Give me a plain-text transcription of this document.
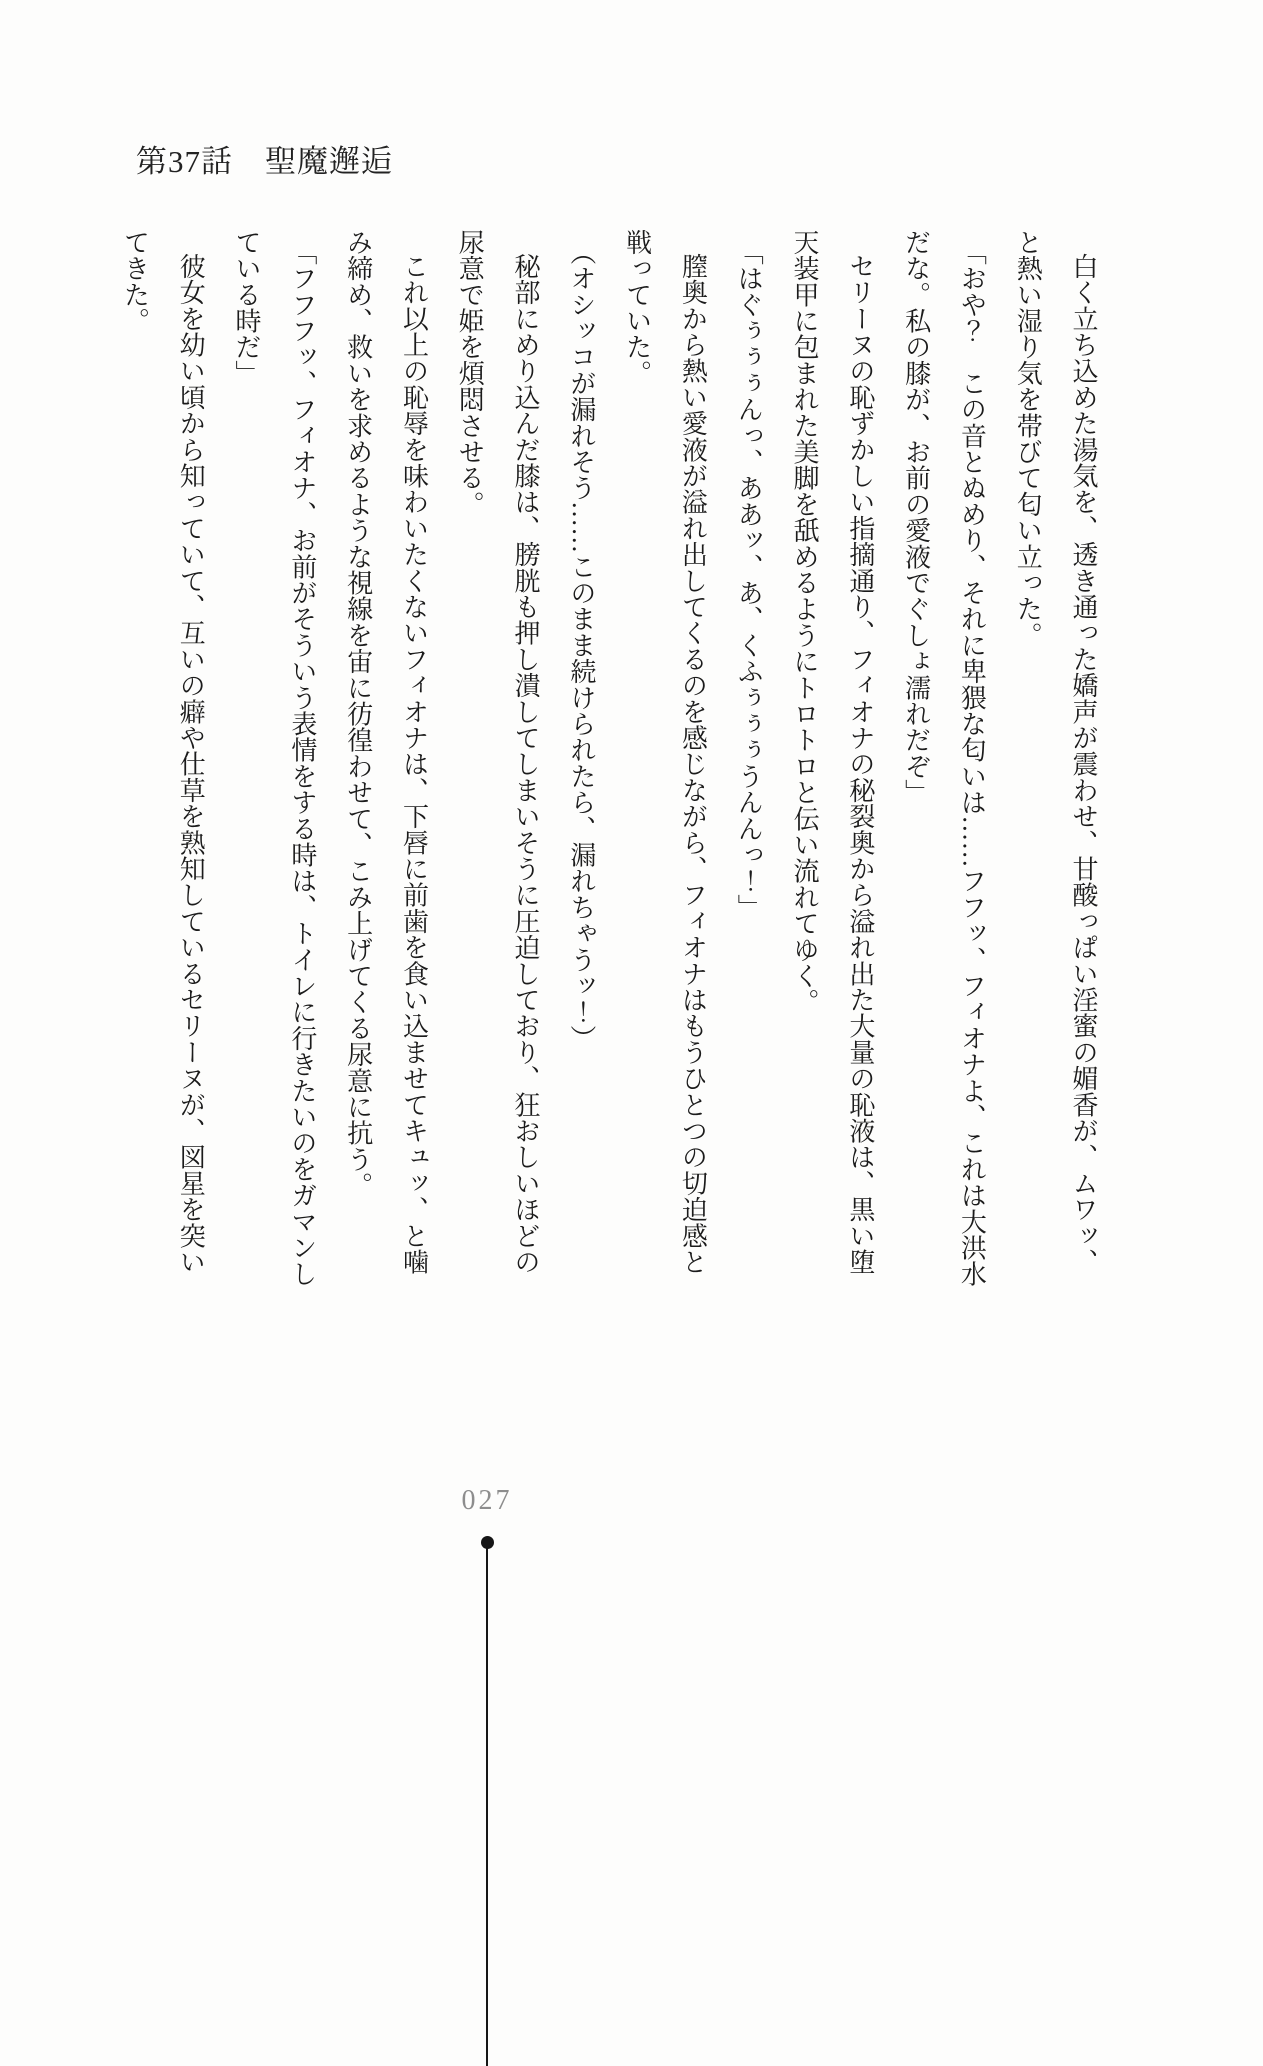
第37話　聖魔邂逅
白く立ち込めた湯気を、透き通った嬌声が震わせ、甘酸っぱい淫蜜の媚香が、ムワッ、
と熱い湿り気を帯びて匂い立った。
「おや？　この音とぬめり、それに卑猥な匂いは……フフッ、フィオナよ、これは大洪水
だな。私の膝が、お前の愛液でぐしょ濡れだぞ」
セリーヌの恥ずかしい指摘通り、フィオナの秘裂奥から溢れ出た大量の恥液は、黒い堕
天装甲に包まれた美脚を舐めるようにトロトロと伝い流れてゆく。
「はぐぅぅぅんっ、ああッ、あ、くふぅぅぅうんんっ！」
膣奥から熱い愛液が溢れ出してくるのを感じながら、フィオナはもうひとつの切迫感と
戦っていた。
（オシッコが漏れそう……このまま続けられたら、漏れちゃうッ！）
秘部にめり込んだ膝は、膀胱も押し潰してしまいそうに圧迫しており、狂おしいほどの
尿意で姫を煩悶させる。
これ以上の恥辱を味わいたくないフィオナは、下唇に前歯を食い込ませてキュッ、と噛
み締め、救いを求めるような視線を宙に彷徨わせて、こみ上げてくる尿意に抗う。
「フフフッ、フィオナ、お前がそういう表情をする時は、トイレに行きたいのをガマンし
ている時だ」
彼女を幼い頃から知っていて、互いの癖や仕草を熟知しているセリーヌが、図星を突い
てきた。
027
